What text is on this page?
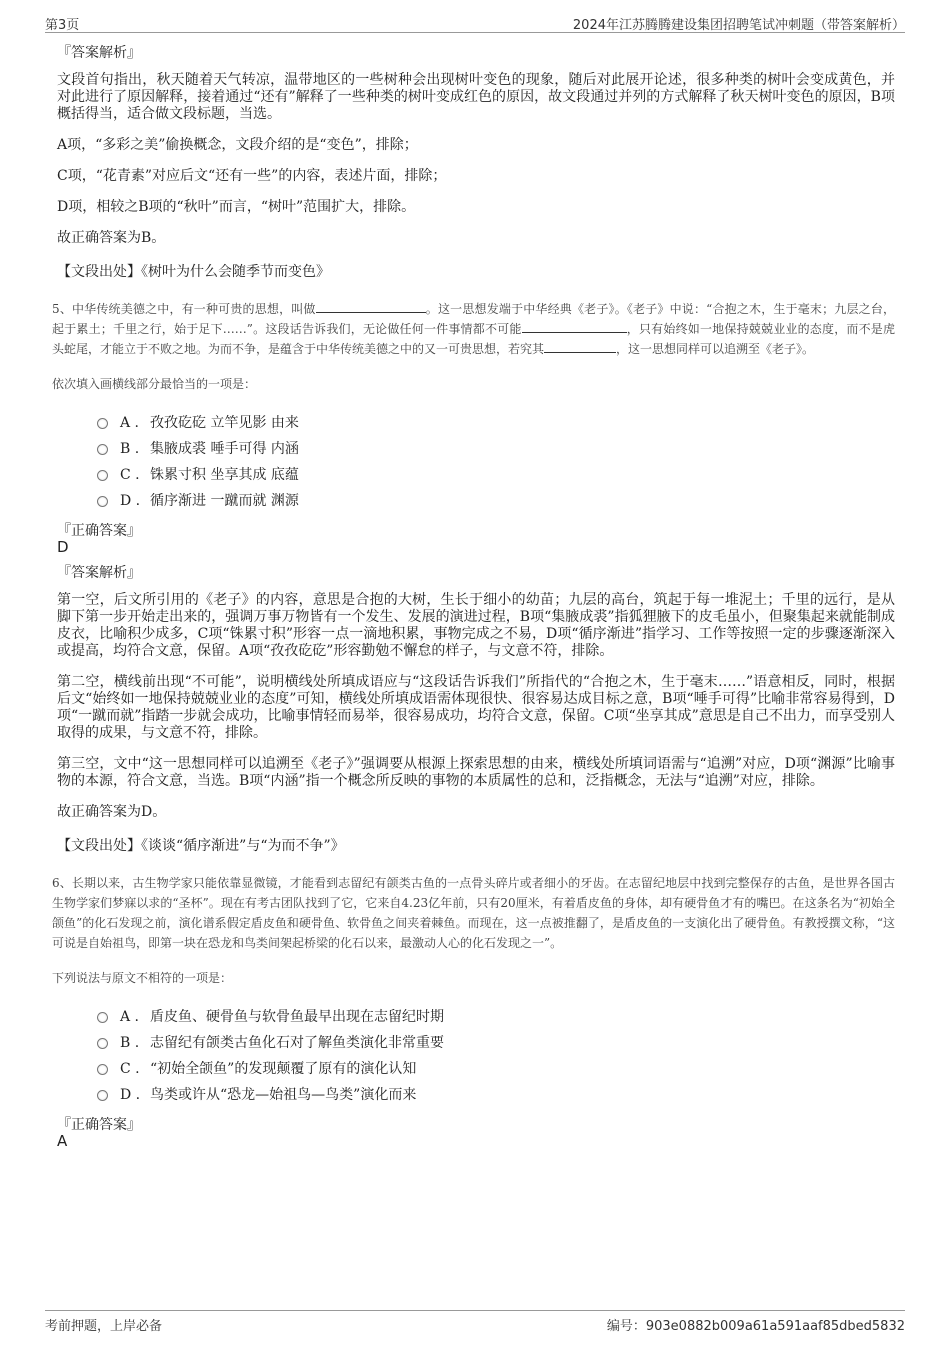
第3页	2024年江苏腾腾建设集团招聘笔试冲刺题（带答案解析）
『答案解析』

文段首句指出，秋天随着天气转凉，温带地区的一些树种会出现树叶变色的现象，随后对此展开论述，很多种类的树叶会变成黄色，并对此进行了原因解释，接着通过“还有”解释了一些种类的树叶变成红色的原因，故文段通过并列的方式解释了秋天树叶变色的原因，B项概括得当，适合做文段标题，当选。

A项，“多彩之美”偷换概念，文段介绍的是“变色”，排除；

C项，“花青素”对应后文“还有一些”的内容，表述片面，排除；

D项，相较之B项的“秋叶”而言，“树叶”范围扩大，排除。

故正确答案为B。

【文段出处】《树叶为什么会随季节而变色》

5、中华传统美德之中，有一种可贵的思想，叫做	。这一思想发端于中华经典《老子》。《老子》中说：“合抱之木，生于毫末；九层之台，起于累土；千里之行，始于足下……”。这段话告诉我们，无论做任何一件事情都不可能	，只有始终如一地保持兢兢业业的态度，而不是虎头蛇尾，才能立于不败之地。为而不争，是蕴含于中华传统美德之中的又一可贵思想，若究其	，这一思想同样可以追溯至《老子》。
依次填入画横线部分最恰当的一项是：
A . 孜孜矻矻 立竿见影 由来
B . 集腋成裘 唾手可得 内涵
C . 铢累寸积 坐享其成 底蕴
D . 循序渐进 一蹴而就 渊源
『正确答案』
D
『答案解析』

第一空，后文所引用的《老子》的内容，意思是合抱的大树，生长于细小的幼苗；九层的高台，筑起于每一堆泥土；千里的远行，是从脚下第一步开始走出来的，强调万事万物皆有一个发生、发展的演进过程，B项“集腋成裘”指狐狸腋下的皮毛虽小，但聚集起来就能制成皮衣，比喻积少成多，C项“铢累寸积”形容一点一滴地积累，事物完成之不易，D项“循序渐进”指学习、工作等按照一定的步骤逐渐深入或提高，均符合文意，保留。A项“孜孜矻矻”形容勤勉不懈怠的样子，与文意不符，排除。

第二空，横线前出现“不可能”，说明横线处所填成语应与“这段话告诉我们”所指代的“合抱之木，生于毫末……”语意相反，同时，根据后文“始终如一地保持兢兢业业的态度”可知，横线处所填成语需体现很快、很容易达成目标之意，B项“唾手可得”比喻非常容易得到，D项“一蹴而就”指踏一步就会成功，比喻事情轻而易举，很容易成功，均符合文意，保留。C项“坐享其成”意思是自己不出力，而享受别人取得的成果，与文意不符，排除。

第三空，文中“这一思想同样可以追溯至《老子》”强调要从根源上探索思想的由来，横线处所填词语需与“追溯”对应，D项“渊源”比喻事物的本源，符合文意，当选。B项“内涵”指一个概念所反映的事物的本质属性的总和，泛指概念，无法与“追溯”对应，排除。

故正确答案为D。

【文段出处】《谈谈“循序渐进”与“为而不争”》

6、长期以来，古生物学家只能依靠显微镜，才能看到志留纪有颌类古鱼的一点骨头碎片或者细小的牙齿。在志留纪地层中找到完整保存的古鱼，是世界各国古生物学家们梦寐以求的“圣杯”。现在有考古团队找到了它，它来自4.23亿年前，只有20厘米，有着盾皮鱼的身体，却有硬骨鱼才有的嘴巴。在这条名为“初始全颌鱼”的化石发现之前，演化谱系假定盾皮鱼和硬骨鱼、软骨鱼之间夹着棘鱼。而现在，这一点被推翻了，是盾皮鱼的一支演化出了硬骨鱼。有教授撰文称，“这可说是自始祖鸟，即第一块在恐龙和鸟类间架起桥梁的化石以来，最激动人心的化石发现之一”。
下列说法与原文不相符的一项是：
A . 盾皮鱼、硬骨鱼与软骨鱼最早出现在志留纪时期
B . 志留纪有颌类古鱼化石对了解鱼类演化非常重要
C . “初始全颌鱼”的发现颠覆了原有的演化认知
D . 鸟类或许从“恐龙—始祖鸟—鸟类”演化而来
『正确答案』
A
考前押题，上岸必备	编号：903e0882b009a61a591aaf85dbed5832
